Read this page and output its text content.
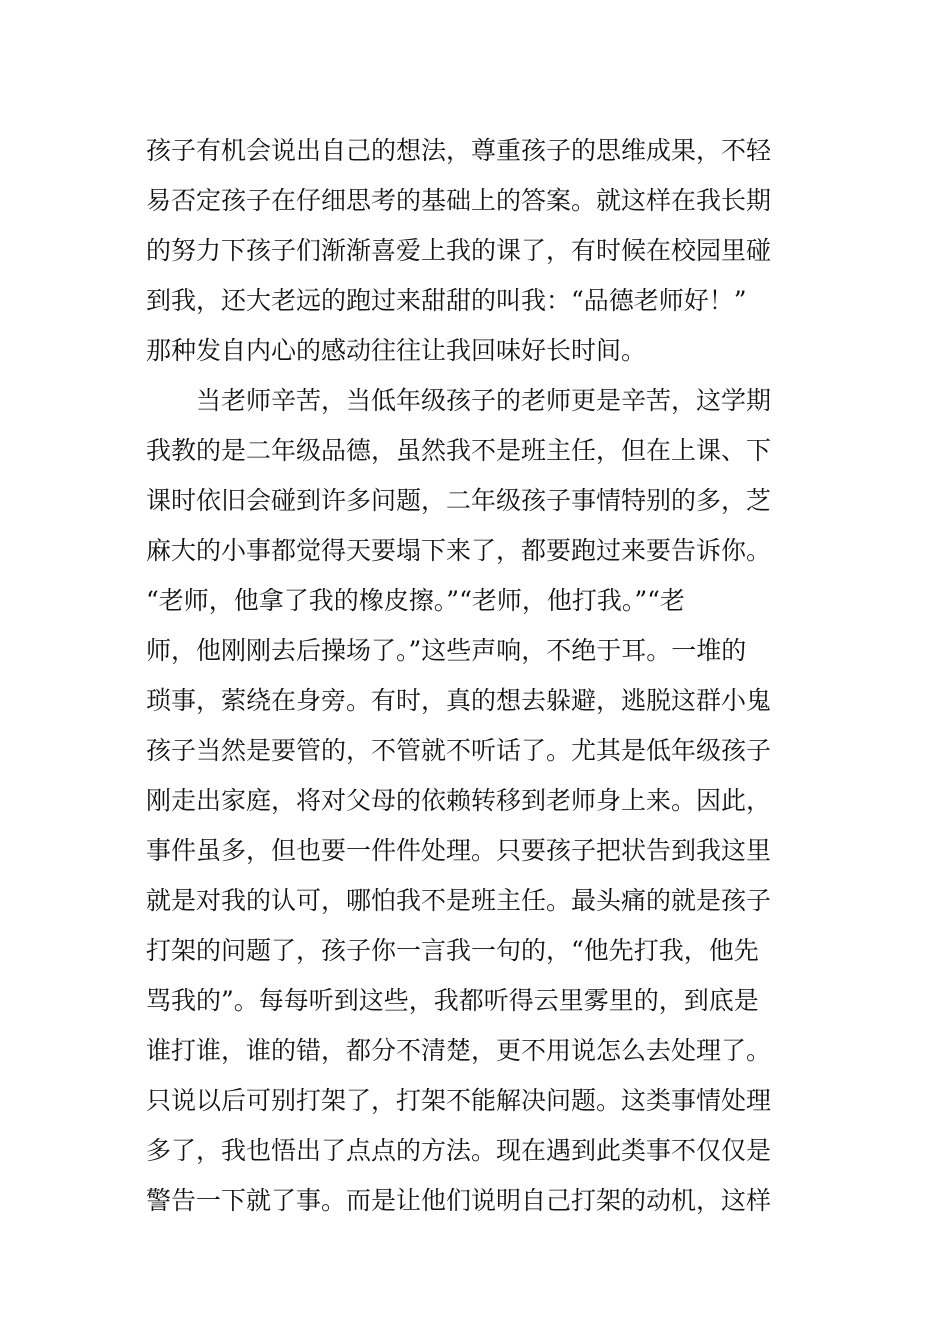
孩子有机会说出自己的想法，尊重孩子的思维成果，不轻
易否定孩子在仔细思考的基础上的答案。就这样在我长期
的努力下孩子们渐渐喜爱上我的课了，有时候在校园里碰
到我，还大老远的跑过来甜甜的叫我：“品德老师好！”
那种发自内心的感动往往让我回味好长时间。
　　当老师辛苦，当低年级孩子的老师更是辛苦，这学期
我教的是二年级品德，虽然我不是班主任，但在上课、下
课时依旧会碰到许多问题，二年级孩子事情特别的多，芝
麻大的小事都觉得天要塌下来了，都要跑过来要告诉你。
“老师，他拿了我的橡皮擦。”“老师，他打我。”“老
师，他刚刚去后操场了。”这些声响，不绝于耳。一堆的
琐事，萦绕在身旁。有时，真的想去躲避，逃脱这群小鬼
孩子当然是要管的，不管就不听话了。尤其是低年级孩子
刚走出家庭，将对父母的依赖转移到老师身上来。因此，
事件虽多，但也要一件件处理。只要孩子把状告到我这里
就是对我的认可，哪怕我不是班主任。最头痛的就是孩子
打架的问题了，孩子你一言我一句的，“他先打我，他先
骂我的”。每每听到这些，我都听得云里雾里的，到底是
谁打谁，谁的错，都分不清楚，更不用说怎么去处理了。
只说以后可别打架了，打架不能解决问题。这类事情处理
多了，我也悟出了点点的方法。现在遇到此类事不仅仅是
警告一下就了事。而是让他们说明自己打架的动机，这样
